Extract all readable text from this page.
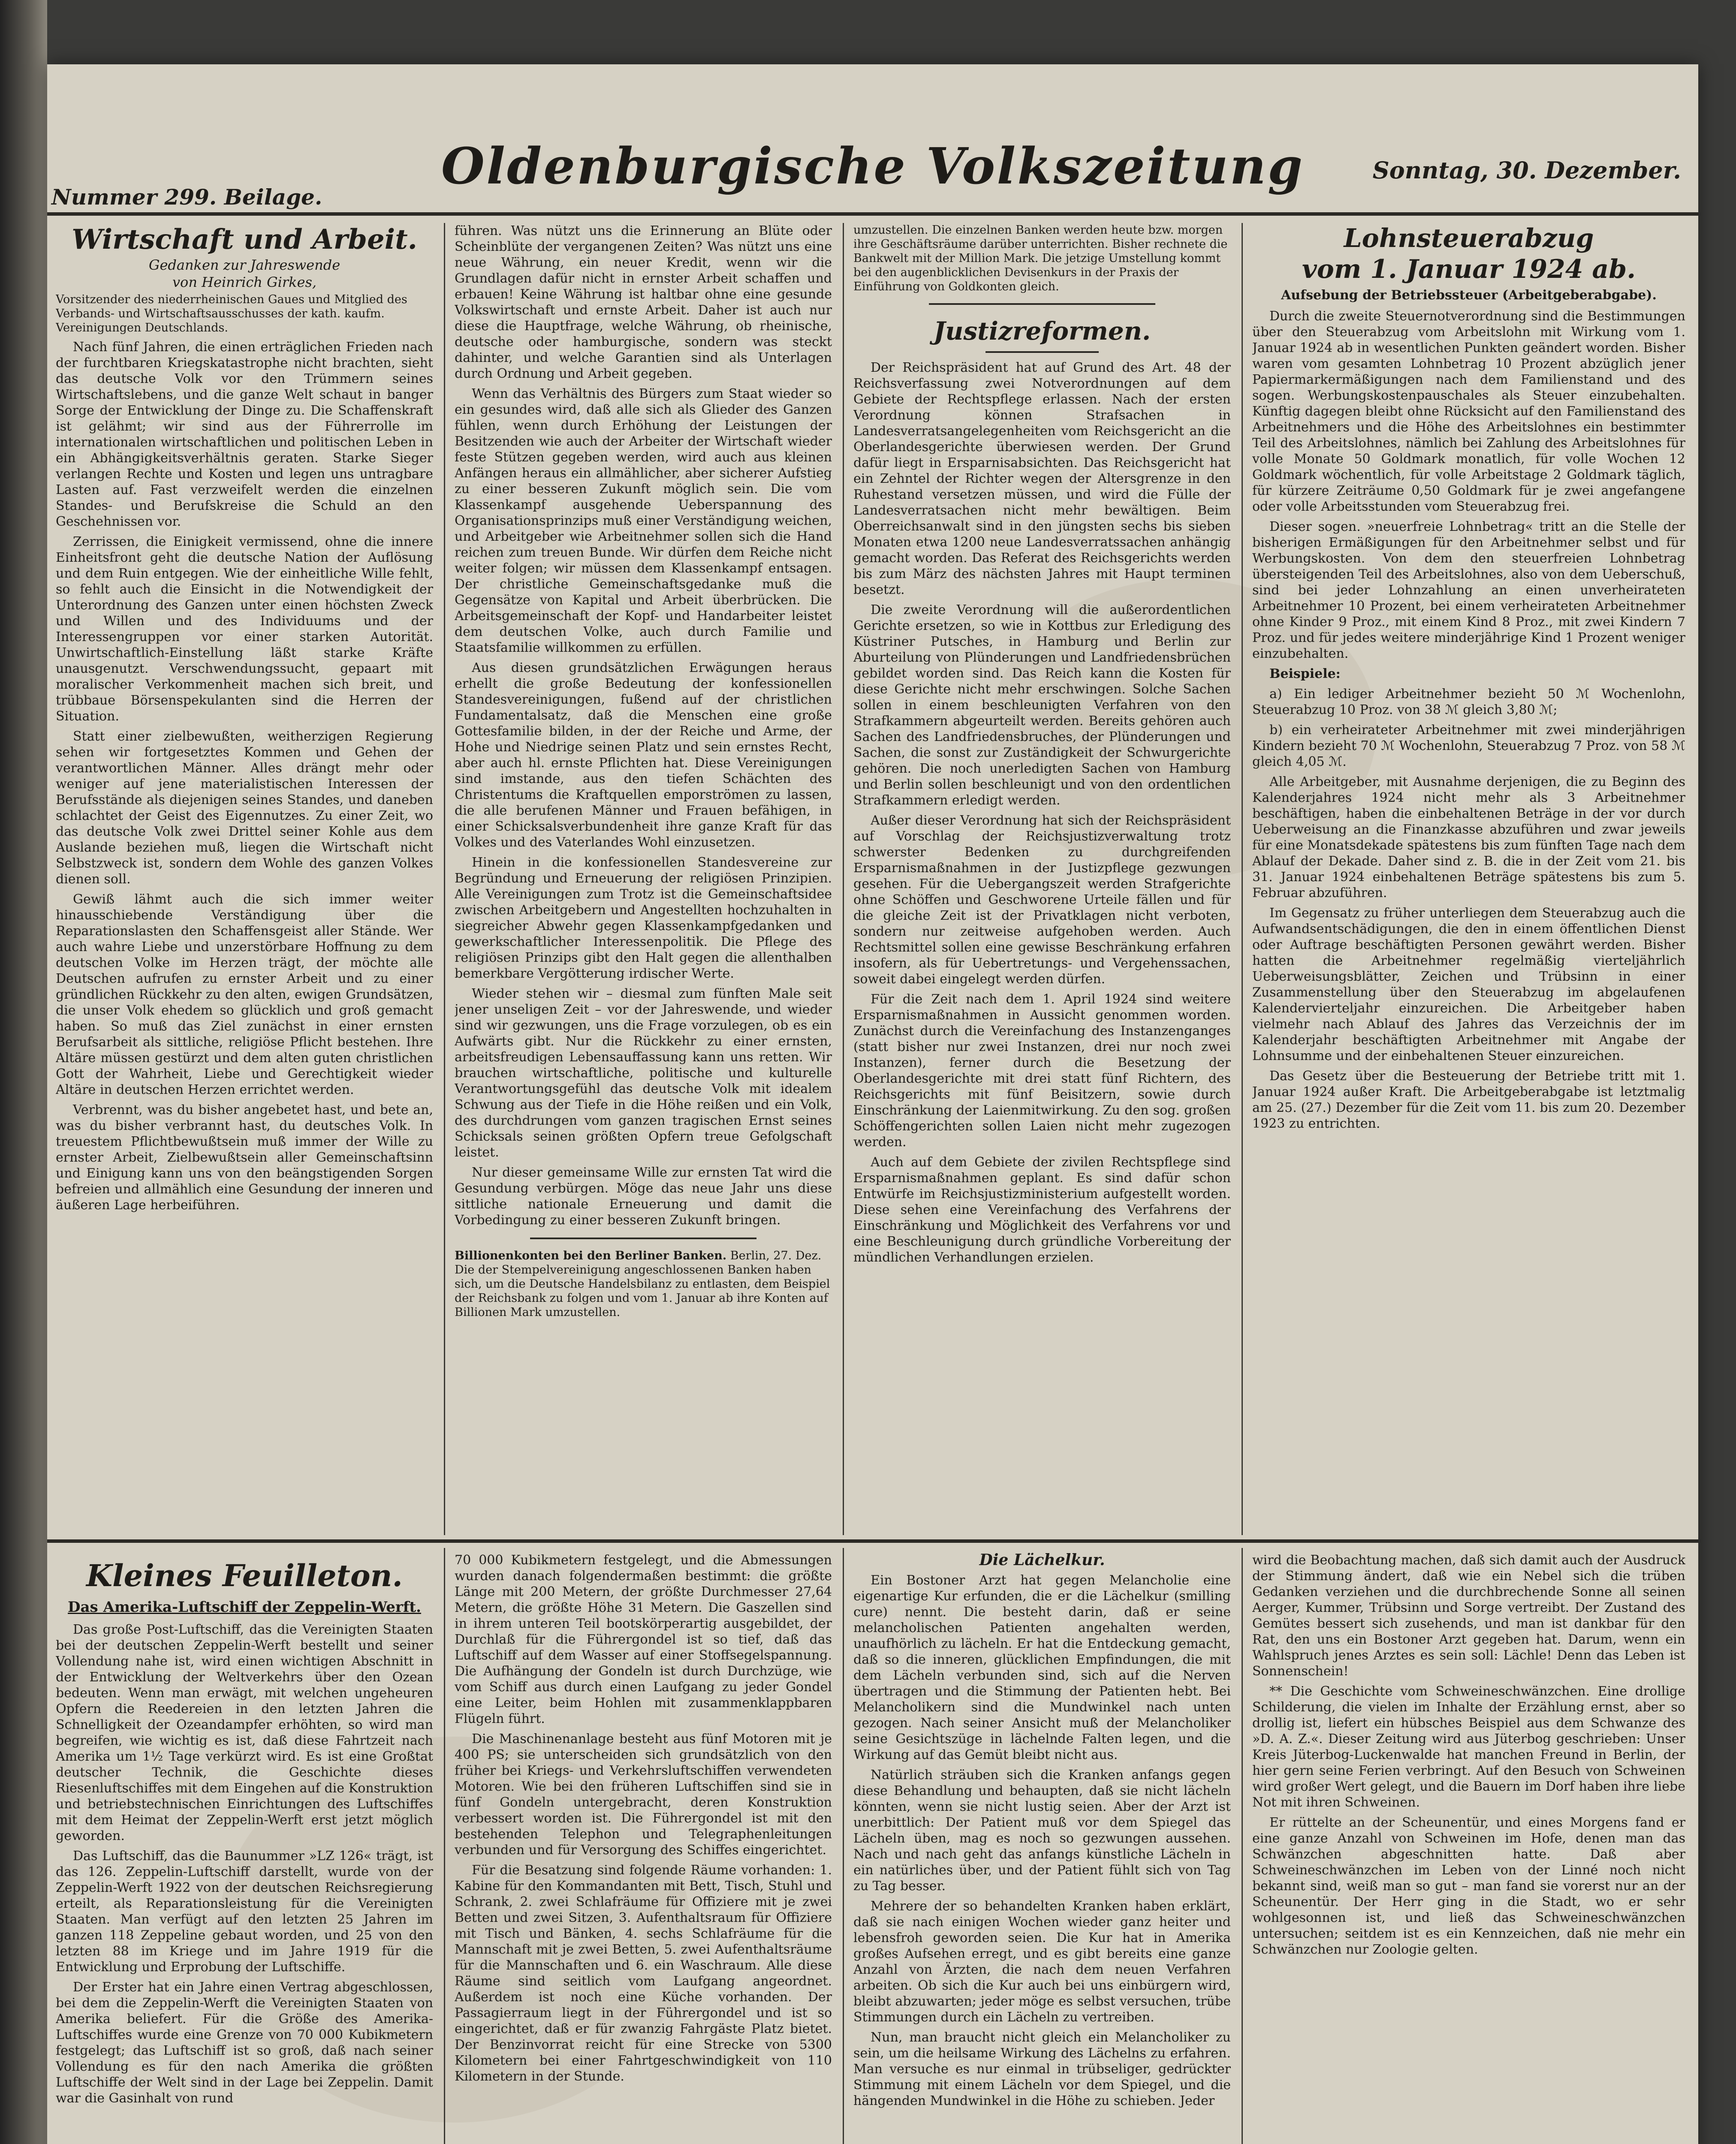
Oldenburgische Volkszeitung
Nummer 299. Beilage.
Sonntag, 30. Dezember.
Wirtschaft und Arbeit.
Gedanken zur Jahreswende
von Heinrich Girkes,
Vorsitzender des niederrheinischen Gaues und Mitglied des Verbands- und Wirtschaftsausschusses der kath. kaufm. Vereinigungen Deutschlands.

Nach fünf Jahren, die einen erträglichen Frieden nach der furchtbaren Kriegskatastrophe nicht brachten, sieht das deutsche Volk vor den Trümmern seines Wirtschaftslebens, und die ganze Welt schaut in banger Sorge der Entwicklung der Dinge zu. Die Schaffenskraft ist gelähmt; wir sind aus der Führerrolle im internationalen wirtschaftlichen und politischen Leben in ein Abhängigkeitsverhältnis geraten. Starke Sieger verlangen Rechte und Kosten und legen uns untragbare Lasten auf. Fast verzweifelt werden die einzelnen Standes- und Berufskreise die Schuld an den Geschehnissen vor.

Zerrissen, die Einigkeit vermissend, ohne die innere Einheitsfront geht die deutsche Nation der Auflösung und dem Ruin entgegen. Wie der einheitliche Wille fehlt, so fehlt auch die Einsicht in die Notwendigkeit der Unterordnung des Ganzen unter einen höchsten Zweck und Willen und des Individuums und der Interessengruppen vor einer starken Autorität. Unwirtschaftlich-Einstellung läßt starke Kräfte unausgenutzt. Verschwendungssucht, gepaart mit moralischer Verkommenheit machen sich breit, und trübbaue Börsenspekulanten sind die Herren der Situation.

Statt einer zielbewußten, weitherzigen Regierung sehen wir fortgesetztes Kommen und Gehen der verantwortlichen Männer. Alles drängt mehr oder weniger auf jene materialistischen Interessen der Berufsstände als diejenigen seines Standes, und daneben schlachtet der Geist des Eigennutzes. Zu einer Zeit, wo das deutsche Volk zwei Drittel seiner Kohle aus dem Auslande beziehen muß, liegen die Wirtschaft nicht Selbstzweck ist, sondern dem Wohle des ganzen Volkes dienen soll.

Gewiß lähmt auch die sich immer weiter hinausschiebende Verständigung über die Reparationslasten den Schaffensgeist aller Stände. Wer auch wahre Liebe und unzerstörbare Hoffnung zu dem deutschen Volke im Herzen trägt, der möchte alle Deutschen aufrufen zu ernster Arbeit und zu einer gründlichen Rückkehr zu den alten, ewigen Grundsätzen, die unser Volk ehedem so glücklich und groß gemacht haben. So muß das Ziel zunächst in einer ernsten Berufsarbeit als sittliche, religiöse Pflicht bestehen. Ihre Altäre müssen gestürzt und dem alten guten christlichen Gott der Wahrheit, Liebe und Gerechtigkeit wieder Altäre in deutschen Herzen errichtet werden.

Verbrennt, was du bisher angebetet hast, und bete an, was du bisher verbrannt hast, du deutsches Volk. In treuestem Pflichtbewußtsein muß immer der Wille zu ernster Arbeit, Zielbewußtsein aller Gemeinschaftsinn und Einigung kann uns von den beängstigenden Sorgen befreien und allmählich eine Gesundung der inneren und äußeren Lage herbeiführen.

führen. Was nützt uns die Erinnerung an Blüte oder Scheinblüte der vergangenen Zeiten? Was nützt uns eine neue Währung, ein neuer Kredit, wenn wir die Grundlagen dafür nicht in ernster Arbeit schaffen und erbauen! Keine Währung ist haltbar ohne eine gesunde Volkswirtschaft und ernste Arbeit. Daher ist auch nur diese die Hauptfrage, welche Währung, ob rheinische, deutsche oder hamburgische, sondern was steckt dahinter, und welche Garantien sind als Unterlagen durch Ordnung und Arbeit gegeben.

Wenn das Verhältnis des Bürgers zum Staat wieder so ein gesundes wird, daß alle sich als Glieder des Ganzen fühlen, wenn durch Erhöhung der Leistungen der Besitzenden wie auch der Arbeiter der Wirtschaft wieder feste Stützen gegeben werden, wird auch aus kleinen Anfängen heraus ein allmählicher, aber sicherer Aufstieg zu einer besseren Zukunft möglich sein. Die vom Klassenkampf ausgehende Ueberspannung des Organisationsprinzips muß einer Verständigung weichen, und Arbeitgeber wie Arbeitnehmer sollen sich die Hand reichen zum treuen Bunde. Wir dürfen dem Reiche nicht weiter folgen; wir müssen dem Klassenkampf entsagen. Der christliche Gemeinschaftsgedanke muß die Gegensätze von Kapital und Arbeit überbrücken. Die Arbeitsgemeinschaft der Kopf- und Handarbeiter leistet dem deutschen Volke, auch durch Familie und Staatsfamilie willkommen zu erfüllen.

Aus diesen grundsätzlichen Erwägungen heraus erhellt die große Bedeutung der konfessionellen Standesvereinigungen, fußend auf der christlichen Fundamentalsatz, daß die Menschen eine große Gottesfamilie bilden, in der der Reiche und Arme, der Hohe und Niedrige seinen Platz und sein ernstes Recht, aber auch hl. ernste Pflichten hat. Diese Vereinigungen sind imstande, aus den tiefen Schächten des Christentums die Kraftquellen emporströmen zu lassen, die alle berufenen Männer und Frauen befähigen, in einer Schicksalsverbundenheit ihre ganze Kraft für das Volkes und des Vaterlandes Wohl einzusetzen.

Hinein in die konfessionellen Standesvereine zur Begründung und Erneuerung der religiösen Prinzipien. Alle Vereinigungen zum Trotz ist die Gemeinschaftsidee zwischen Arbeitgebern und Angestellten hochzuhalten in siegreicher Abwehr gegen Klassenkampfgedanken und gewerkschaftlicher Interessenpolitik. Die Pflege des religiösen Prinzips gibt den Halt gegen die allenthalben bemerkbare Vergötterung irdischer Werte.

Wieder stehen wir – diesmal zum fünften Male seit jener unseligen Zeit – vor der Jahreswende, und wieder sind wir gezwungen, uns die Frage vorzulegen, ob es ein Aufwärts gibt. Nur die Rückkehr zu einer ernsten, arbeitsfreudigen Lebensauffassung kann uns retten. Wir brauchen wirtschaftliche, politische und kulturelle Verantwortungsgefühl das deutsche Volk mit idealem Schwung aus der Tiefe in die Höhe reißen und ein Volk, des durchdrungen vom ganzen tragischen Ernst seines Schicksals seinen größten Opfern treue Gefolgschaft leistet.

Nur dieser gemeinsame Wille zur ernsten Tat wird die Gesundung verbürgen. Möge das neue Jahr uns diese sittliche nationale Erneuerung und damit die Vorbedingung zu einer besseren Zukunft bringen.

Billionenkonten bei den Berliner Banken. Berlin, 27. Dez. Die der Stempelvereinigung angeschlossenen Banken haben sich, um die Deutsche Handelsbilanz zu entlasten, dem Beispiel der Reichsbank zu folgen und vom 1. Januar ab ihre Konten auf Billionen Mark umzustellen.
umzustellen. Die einzelnen Banken werden heute bzw. morgen ihre Geschäftsräume darüber unterrichten. Bisher rechnete die Bankwelt mit der Million Mark. Die jetzige Umstellung kommt bei den augenblicklichen Devisenkurs in der Praxis der Einführung von Goldkonten gleich.
Justizreformen.

Der Reichspräsident hat auf Grund des Art. 48 der Reichsverfassung zwei Notverordnungen auf dem Gebiete der Rechtspflege erlassen. Nach der ersten Verordnung können Strafsachen in Landesverratsangelegenheiten vom Reichsgericht an die Oberlandesgerichte überwiesen werden. Der Grund dafür liegt in Ersparnisabsichten. Das Reichsgericht hat ein Zehntel der Richter wegen der Altersgrenze in den Ruhestand versetzen müssen, und wird die Fülle der Landesverratsachen nicht mehr bewältigen. Beim Oberreichsanwalt sind in den jüngsten sechs bis sieben Monaten etwa 1200 neue Landesverratssachen anhängig gemacht worden. Das Referat des Reichsgerichts werden bis zum März des nächsten Jahres mit Haupt terminen besetzt.

Die zweite Verordnung will die außerordentlichen Gerichte ersetzen, so wie in Kottbus zur Erledigung des Küstriner Putsches, in Hamburg und Berlin zur Aburteilung von Plünderungen und Landfriedensbrüchen gebildet worden sind. Das Reich kann die Kosten für diese Gerichte nicht mehr erschwingen. Solche Sachen sollen in einem beschleunigten Verfahren von den Strafkammern abgeurteilt werden. Bereits gehören auch Sachen des Landfriedensbruches, der Plünderungen und Sachen, die sonst zur Zuständigkeit der Schwurgerichte gehören. Die noch unerledigten Sachen von Hamburg und Berlin sollen beschleunigt und von den ordentlichen Strafkammern erledigt werden.

Außer dieser Verordnung hat sich der Reichspräsident auf Vorschlag der Reichsjustizverwaltung trotz schwerster Bedenken zu durchgreifenden Ersparnismaßnahmen in der Justizpflege gezwungen gesehen. Für die Uebergangszeit werden Strafgerichte ohne Schöffen und Geschworene Urteile fällen und für die gleiche Zeit ist der Privatklagen nicht verboten, sondern nur zeitweise aufgehoben werden. Auch Rechtsmittel sollen eine gewisse Beschränkung erfahren insofern, als für Uebertretungs- und Vergehenssachen, soweit dabei eingelegt werden dürfen.

Für die Zeit nach dem 1. April 1924 sind weitere Ersparnismaßnahmen in Aussicht genommen worden. Zunächst durch die Vereinfachung des Instanzenganges (statt bisher nur zwei Instanzen, drei nur noch zwei Instanzen), ferner durch die Besetzung der Oberlandesgerichte mit drei statt fünf Richtern, des Reichsgerichts mit fünf Beisitzern, sowie durch Einschränkung der Laienmitwirkung. Zu den sog. großen Schöffengerichten sollen Laien nicht mehr zugezogen werden.

Auch auf dem Gebiete der zivilen Rechtspflege sind Ersparnismaßnahmen geplant. Es sind dafür schon Entwürfe im Reichsjustizministerium aufgestellt worden. Diese sehen eine Vereinfachung des Verfahrens der Einschränkung und Möglichkeit des Verfahrens vor und eine Beschleunigung durch gründliche Vorbereitung der mündlichen Verhandlungen erzielen.

Lohnsteuerabzug
vom 1. Januar 1924 ab.
Aufsebung der Betriebssteuer (Arbeitgeberabgabe).

Durch die zweite Steuernotverordnung sind die Bestimmungen über den Steuerabzug vom Arbeitslohn mit Wirkung vom 1. Januar 1924 ab in wesentlichen Punkten geändert worden. Bisher waren vom gesamten Lohnbetrag 10 Prozent abzüglich jener Papiermarkermäßigungen nach dem Familienstand und des sogen. Werbungskostenpauschales als Steuer einzubehalten. Künftig dagegen bleibt ohne Rücksicht auf den Familienstand des Arbeitnehmers und die Höhe des Arbeitslohnes ein bestimmter Teil des Arbeitslohnes, nämlich bei Zahlung des Arbeitslohnes für volle Monate 50 Goldmark monatlich, für volle Wochen 12 Goldmark wöchentlich, für volle Arbeitstage 2 Goldmark täglich, für kürzere Zeiträume 0,50 Goldmark für je zwei angefangene oder volle Arbeitsstunden vom Steuerabzug frei.

Dieser sogen. »neuerfreie Lohnbetrag« tritt an die Stelle der bisherigen Ermäßigungen für den Arbeitnehmer selbst und für Werbungskosten. Von dem den steuerfreien Lohnbetrag übersteigenden Teil des Arbeitslohnes, also von dem Ueberschuß, sind bei jeder Lohnzahlung an einen unverheirateten Arbeitnehmer 10 Prozent, bei einem verheirateten Arbeitnehmer ohne Kinder 9 Proz., mit einem Kind 8 Proz., mit zwei Kindern 7 Proz. und für jedes weitere minderjährige Kind 1 Prozent weniger einzubehalten.

Beispiele:

a) Ein lediger Arbeitnehmer bezieht 50 ℳ Wochenlohn, Steuerabzug 10 Proz. von 38 ℳ gleich 3,80 ℳ;

b) ein verheirateter Arbeitnehmer mit zwei minderjährigen Kindern bezieht 70 ℳ Wochenlohn, Steuerabzug 7 Proz. von 58 ℳ gleich 4,05 ℳ.

Alle Arbeitgeber, mit Ausnahme derjenigen, die zu Beginn des Kalenderjahres 1924 nicht mehr als 3 Arbeitnehmer beschäftigen, haben die einbehaltenen Beträge in der vor durch Ueberweisung an die Finanzkasse abzuführen und zwar jeweils für eine Monatsdekade spätestens bis zum fünften Tage nach dem Ablauf der Dekade. Daher sind z. B. die in der Zeit vom 21. bis 31. Januar 1924 einbehaltenen Beträge spätestens bis zum 5. Februar abzuführen.

Im Gegensatz zu früher unterliegen dem Steuerabzug auch die Aufwandsentschädigungen, die den in einem öffentlichen Dienst oder Auftrage beschäftigten Personen gewährt werden. Bisher hatten die Arbeitnehmer regelmäßig vierteljährlich Ueberweisungsblätter, Zeichen und Trübsinn in einer Zusammenstellung über den Steuerabzug im abgelaufenen Kalendervierteljahr einzureichen. Die Arbeitgeber haben vielmehr nach Ablauf des Jahres das Verzeichnis der im Kalenderjahr beschäftigten Arbeitnehmer mit Angabe der Lohnsumme und der einbehaltenen Steuer einzureichen.

Das Gesetz über die Besteuerung der Betriebe tritt mit 1. Januar 1924 außer Kraft. Die Arbeitgeberabgabe ist letztmalig am 25. (27.) Dezember für die Zeit vom 11. bis zum 20. Dezember 1923 zu entrichten.

Kleines Feuilleton.
Das Amerika-Luftschiff der Zeppelin-Werft.

Das große Post-Luftschiff, das die Vereinigten Staaten bei der deutschen Zeppelin-Werft bestellt und seiner Vollendung nahe ist, wird einen wichtigen Abschnitt in der Entwicklung der Weltverkehrs über den Ozean bedeuten. Wenn man erwägt, mit welchen ungeheuren Opfern die Reedereien in den letzten Jahren die Schnelligkeit der Ozeandampfer erhöhten, so wird man begreifen, wie wichtig es ist, daß diese Fahrtzeit nach Amerika um 1½ Tage verkürzt wird. Es ist eine Großtat deutscher Technik, die Geschichte dieses Riesenluftschiffes mit dem Eingehen auf die Konstruktion und betriebstechnischen Einrichtungen des Luftschiffes mit dem Heimat der Zeppelin-Werft erst jetzt möglich geworden.

Das Luftschiff, das die Baunummer »LZ 126« trägt, ist das 126. Zeppelin-Luftschiff darstellt, wurde von der Zeppelin-Werft 1922 von der deutschen Reichsregierung erteilt, als Reparationsleistung für die Vereinigten Staaten. Man verfügt auf den letzten 25 Jahren im ganzen 118 Zeppeline gebaut worden, und 25 von den letzten 88 im Kriege und im Jahre 1919 für die Entwicklung und Erprobung der Luftschiffe.

Der Erster hat ein Jahre einen Vertrag abgeschlossen, bei dem die Zeppelin-Werft die Vereinigten Staaten von Amerika beliefert. Für die Größe des Amerika-Luftschiffes wurde eine Grenze von 70 000 Kubikmetern festgelegt; das Luftschiff ist so groß, daß nach seiner Vollendung es für den nach Amerika die größten Luftschiffe der Welt sind in der Lage bei Zeppelin. Damit war die Gasinhalt von rund

70 000 Kubikmetern festgelegt, und die Abmessungen wurden danach folgendermaßen bestimmt: die größte Länge mit 200 Metern, der größte Durchmesser 27,64 Metern, die größte Höhe 31 Metern. Die Gaszellen sind in ihrem unteren Teil bootskörperartig ausgebildet, der Durchlaß für die Führergondel ist so tief, daß das Luftschiff auf dem Wasser auf einer Stoffsegelspannung. Die Aufhängung der Gondeln ist durch Durchzüge, wie vom Schiff aus durch einen Laufgang zu jeder Gondel eine Leiter, beim Hohlen mit zusammenklappbaren Flügeln führt.

Die Maschinenanlage besteht aus fünf Motoren mit je 400 PS; sie unterscheiden sich grundsätzlich von den früher bei Kriegs- und Verkehrsluftschiffen verwendeten Motoren. Wie bei den früheren Luftschiffen sind sie in fünf Gondeln untergebracht, deren Konstruktion verbessert worden ist. Die Führergondel ist mit den bestehenden Telephon und Telegraphenleitungen verbunden und für Versorgung des Schiffes eingerichtet.

Für die Besatzung sind folgende Räume vorhanden: 1. Kabine für den Kommandanten mit Bett, Tisch, Stuhl und Schrank, 2. zwei Schlafräume für Offiziere mit je zwei Betten und zwei Sitzen, 3. Aufenthaltsraum für Offiziere mit Tisch und Bänken, 4. sechs Schlafräume für die Mannschaft mit je zwei Betten, 5. zwei Aufenthaltsräume für die Mannschaften und 6. ein Waschraum. Alle diese Räume sind seitlich vom Laufgang angeordnet. Außerdem ist noch eine Küche vorhanden. Der Passagierraum liegt in der Führergondel und ist so eingerichtet, daß er für zwanzig Fahrgäste Platz bietet. Der Benzinvorrat reicht für eine Strecke von 5300 Kilometern bei einer Fahrtgeschwindigkeit von 110 Kilometern in der Stunde.

Die Lächelkur.

Ein Bostoner Arzt hat gegen Melancholie eine eigenartige Kur erfunden, die er die Lächelkur (smilling cure) nennt. Die besteht darin, daß er seine melancholischen Patienten angehalten werden, unaufhörlich zu lächeln. Er hat die Entdeckung gemacht, daß so die inneren, glücklichen Empfindungen, die mit dem Lächeln verbunden sind, sich auf die Nerven übertragen und die Stimmung der Patienten hebt. Bei Melancholikern sind die Mundwinkel nach unten gezogen. Nach seiner Ansicht muß der Melancholiker seine Gesichtszüge in lächelnde Falten legen, und die Wirkung auf das Gemüt bleibt nicht aus.

Natürlich sträuben sich die Kranken anfangs gegen diese Behandlung und behaupten, daß sie nicht lächeln könnten, wenn sie nicht lustig seien. Aber der Arzt ist unerbittlich: Der Patient muß vor dem Spiegel das Lächeln üben, mag es noch so gezwungen aussehen. Nach und nach geht das anfangs künstliche Lächeln in ein natürliches über, und der Patient fühlt sich von Tag zu Tag besser.

Mehrere der so behandelten Kranken haben erklärt, daß sie nach einigen Wochen wieder ganz heiter und lebensfroh geworden seien. Die Kur hat in Amerika großes Aufsehen erregt, und es gibt bereits eine ganze Anzahl von Ärzten, die nach dem neuen Verfahren arbeiten. Ob sich die Kur auch bei uns einbürgern wird, bleibt abzuwarten; jeder möge es selbst versuchen, trübe Stimmungen durch ein Lächeln zu vertreiben.

Nun, man braucht nicht gleich ein Melancholiker zu sein, um die heilsame Wirkung des Lächelns zu erfahren. Man versuche es nur einmal in trübseliger, gedrückter Stimmung mit einem Lächeln vor dem Spiegel, und die hängenden Mundwinkel in die Höhe zu schieben. Jeder

wird die Beobachtung machen, daß sich damit auch der Ausdruck der Stimmung ändert, daß wie ein Nebel sich die trüben Gedanken verziehen und die durchbrechende Sonne all seinen Aerger, Kummer, Trübsinn und Sorge vertreibt. Der Zustand des Gemütes bessert sich zusehends, und man ist dankbar für den Rat, den uns ein Bostoner Arzt gegeben hat. Darum, wenn ein Wahlspruch jenes Arztes es sein soll: Lächle! Denn das Leben ist Sonnenschein!

** Die Geschichte vom Schweineschwänzchen. Eine drollige Schilderung, die vielen im Inhalte der Erzählung ernst, aber so drollig ist, liefert ein hübsches Beispiel aus dem Schwanze des »D. A. Z.«. Dieser Zeitung wird aus Jüterbog geschrieben: Unser Kreis Jüterbog-Luckenwalde hat manchen Freund in Berlin, der hier gern seine Ferien verbringt. Auf den Besuch von Schweinen wird großer Wert gelegt, und die Bauern im Dorf haben ihre liebe Not mit ihren Schweinen.

Er rüttelte an der Scheunentür, und eines Morgens fand er eine ganze Anzahl von Schweinen im Hofe, denen man das Schwänzchen abgeschnitten hatte. Daß aber Schweineschwänzchen im Leben von der Linné noch nicht bekannt sind, weiß man so gut – man fand sie vorerst nur an der Scheunentür. Der Herr ging in die Stadt, wo er sehr wohlgesonnen ist, und ließ das Schweineschwänzchen untersuchen; seitdem ist es ein Kennzeichen, daß nie mehr ein Schwänzchen nur Zoologie gelten.
